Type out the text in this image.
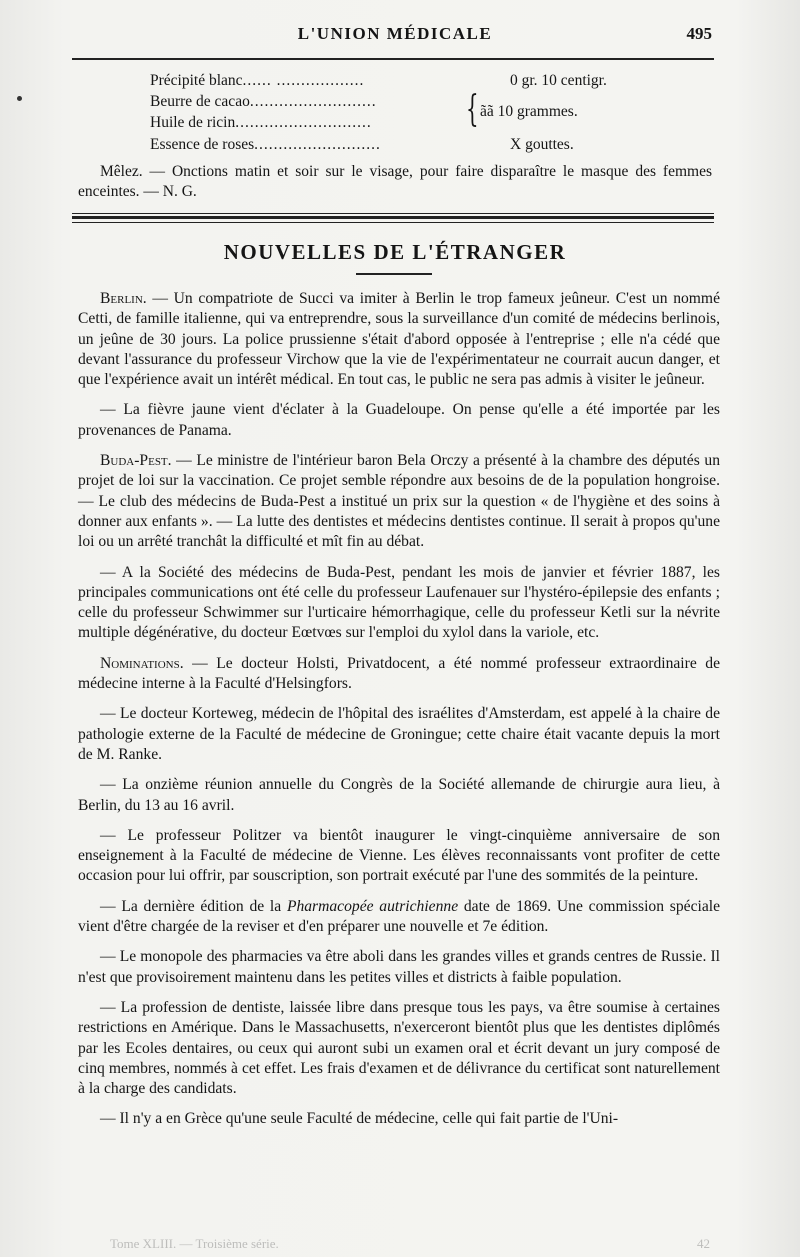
L'UNION MÉDICALE	495
Précipité blanc...... ..................	0 gr. 10 centigr.
Beurre de cacao..........................
Huile de ricin............................	{ ãã 10 grammes.
Essence de roses..........................	X gouttes.
Mêlez. — Onctions matin et soir sur le visage, pour faire disparaître le masque des femmes enceintes. — N. G.
NOUVELLES DE L'ÉTRANGER

Berlin. — Un compatriote de Succi va imiter à Berlin le trop fameux jeûneur. C'est un nommé Cetti, de famille italienne, qui va entreprendre, sous la surveillance d'un comité de médecins berlinois, un jeûne de 30 jours. La police prussienne s'était d'abord opposée à l'entreprise ; elle n'a cédé que devant l'assurance du professeur Virchow que la vie de l'expérimentateur ne courrait aucun danger, et que l'expérience avait un intérêt médical. En tout cas, le public ne sera pas admis à visiter le jeûneur.

— La fièvre jaune vient d'éclater à la Guadeloupe. On pense qu'elle a été importée par les provenances de Panama.

Buda-Pest. — Le ministre de l'intérieur baron Bela Orczy a présenté à la chambre des députés un projet de loi sur la vaccination. Ce projet semble répondre aux besoins de de la population hongroise. — Le club des médecins de Buda-Pest a institué un prix sur la question « de l'hygiène et des soins à donner aux enfants ». — La lutte des dentistes et médecins dentistes continue. Il serait à propos qu'une loi ou un arrêté tranchât la difficulté et mît fin au débat.

— A la Société des médecins de Buda-Pest, pendant les mois de janvier et février 1887, les principales communications ont été celle du professeur Laufenauer sur l'hystéro-épilepsie des enfants ; celle du professeur Schwimmer sur l'urticaire hémorrhagique, celle du professeur Ketli sur la névrite multiple dégénérative, du docteur Eœtvœs sur l'emploi du xylol dans la variole, etc.

Nominations. — Le docteur Holsti, Privatdocent, a été nommé professeur extraordinaire de médecine interne à la Faculté d'Helsingfors.

— Le docteur Korteweg, médecin de l'hôpital des israélites d'Amsterdam, est appelé à la chaire de pathologie externe de la Faculté de médecine de Groningue; cette chaire était vacante depuis la mort de M. Ranke.

— La onzième réunion annuelle du Congrès de la Société allemande de chirurgie aura lieu, à Berlin, du 13 au 16 avril.

— Le professeur Politzer va bientôt inaugurer le vingt-cinquième anniversaire de son enseignement à la Faculté de médecine de Vienne. Les élèves reconnaissants vont profiter de cette occasion pour lui offrir, par souscription, son portrait exécuté par l'une des sommités de la peinture.

— La dernière édition de la Pharmacopée autrichienne date de 1869. Une commission spéciale vient d'être chargée de la reviser et d'en préparer une nouvelle et 7e édition.

— Le monopole des pharmacies va être aboli dans les grandes villes et grands centres de Russie. Il n'est que provisoirement maintenu dans les petites villes et districts à faible population.

— La profession de dentiste, laissée libre dans presque tous les pays, va être soumise à certaines restrictions en Amérique. Dans le Massachusetts, n'exerceront bientôt plus que les dentistes diplômés par les Ecoles dentaires, ou ceux qui auront subi un examen oral et écrit devant un jury composé de cinq membres, nommés à cet effet. Les frais d'examen et de délivrance du certificat sont naturellement à la charge des candidats.

— Il n'y a en Grèce qu'une seule Faculté de médecine, celle qui fait partie de l'Uni-

Tome XLIII. — Troisième série.	42
